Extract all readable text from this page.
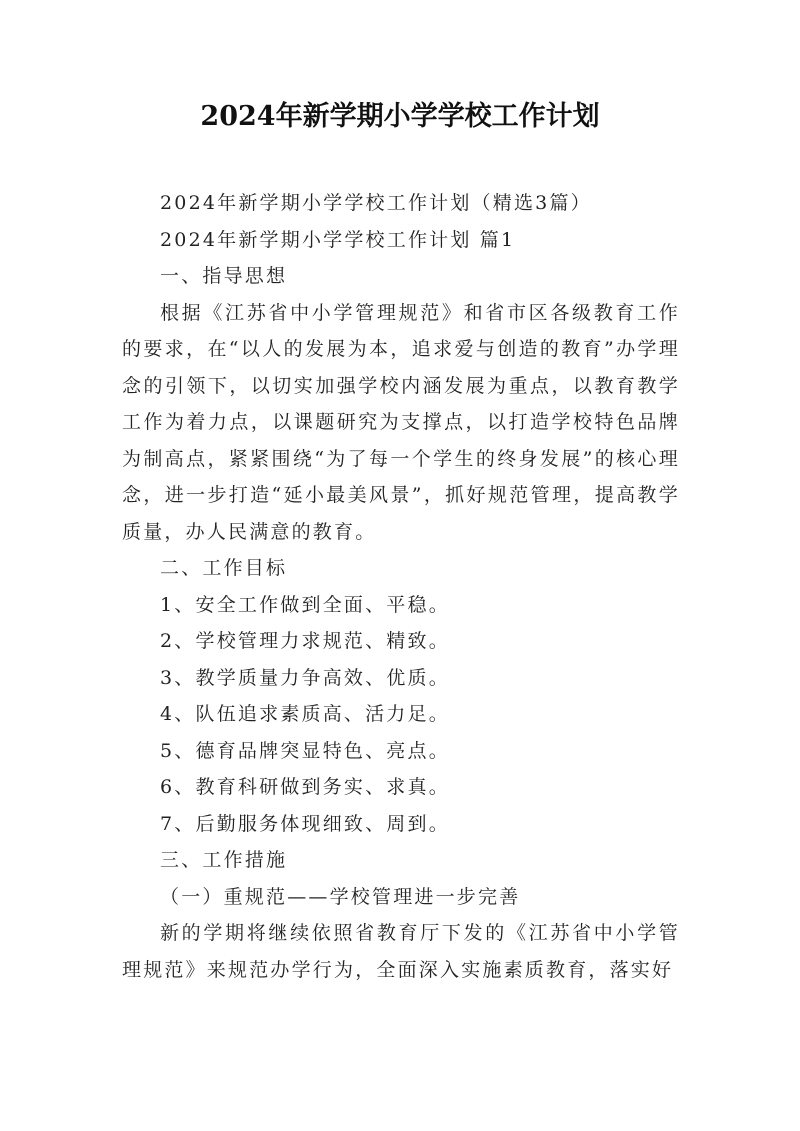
2024年新学期小学学校工作计划
2024年新学期小学学校工作计划（精选3篇）
2024年新学期小学学校工作计划 篇1
一、指导思想
根据《江苏省中小学管理规范》和省市区各级教育工作的要求，在“以人的发展为本，追求爱与创造的教育”办学理念的引领下，以切实加强学校内涵发展为重点，以教育教学工作为着力点，以课题研究为支撑点，以打造学校特色品牌为制高点，紧紧围绕“为了每一个学生的终身发展”的核心理念，进一步打造“延小最美风景”，抓好规范管理，提高教学质量，办人民满意的教育。
二、工作目标
1、安全工作做到全面、平稳。
2、学校管理力求规范、精致。
3、教学质量力争高效、优质。
4、队伍追求素质高、活力足。
5、德育品牌突显特色、亮点。
6、教育科研做到务实、求真。
7、后勤服务体现细致、周到。
三、工作措施
（一）重规范——学校管理进一步完善
新的学期将继续依照省教育厅下发的《江苏省中小学管理规范》来规范办学行为，全面深入实施素质教育，落实好
